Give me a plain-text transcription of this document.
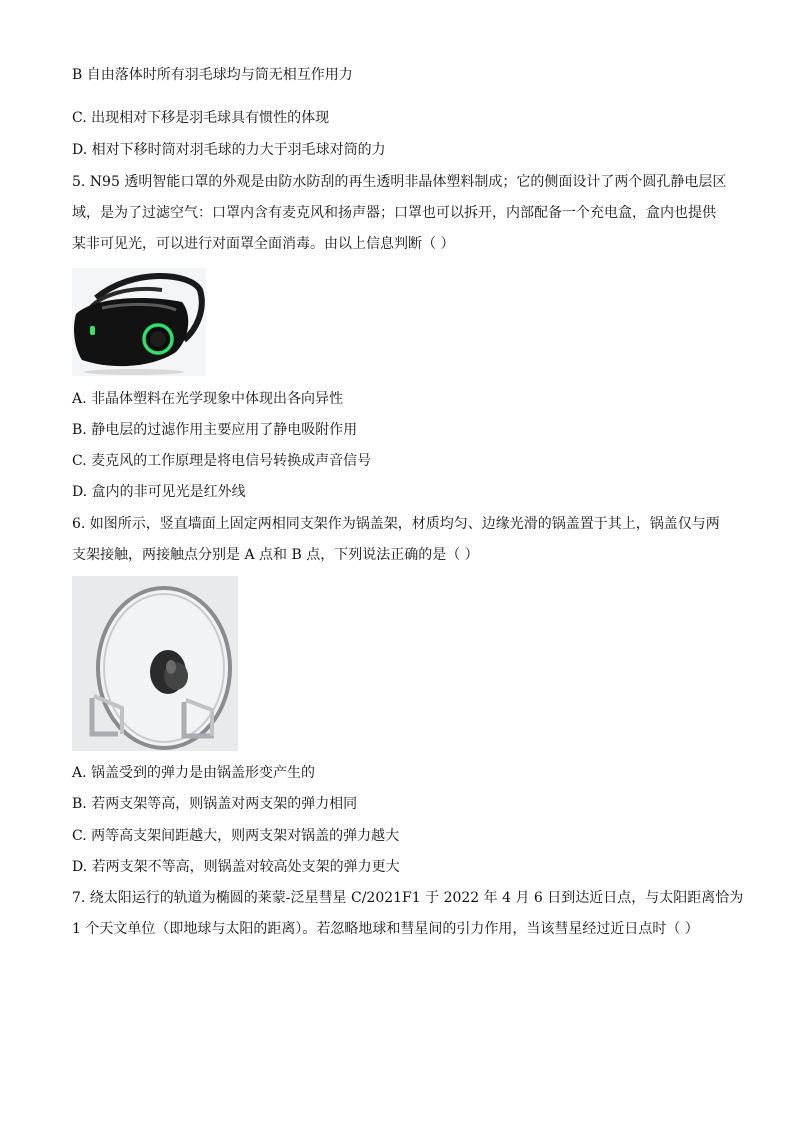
B 自由落体时所有羽毛球均与筒无相互作用力
C. 出现相对下移是羽毛球具有惯性的体现
D. 相对下移时筒对羽毛球的力大于羽毛球对筒的力
5. N95 透明智能口罩的外观是由防水防刮的再生透明非晶体塑料制成；它的侧面设计了两个圆孔静电层区
域，是为了过滤空气：口罩内含有麦克风和扬声器；口罩也可以拆开，内部配备一个充电盒，盒内也提供
某非可见光，可以进行对面罩全面消毒。由以上信息判断（ ）
A. 非晶体塑料在光学现象中体现出各向异性
B. 静电层的过滤作用主要应用了静电吸附作用
C. 麦克风的工作原理是将电信号转换成声音信号
D. 盒内的非可见光是红外线
6. 如图所示，竖直墙面上固定两相同支架作为锅盖架，材质均匀、边缘光滑的锅盖置于其上，锅盖仅与两
支架接触，两接触点分别是 A 点和 B 点，下列说法正确的是（ ）
A. 锅盖受到的弹力是由锅盖形变产生的
B. 若两支架等高，则锅盖对两支架的弹力相同
C. 两等高支架间距越大，则两支架对锅盖的弹力越大
D. 若两支架不等高，则锅盖对较高处支架的弹力更大
7. 绕太阳运行的轨道为椭圆的莱蒙-泛星彗星 C/2021F1 于 2022 年 4 月 6 日到达近日点，与太阳距离恰为
1 个天文单位（即地球与太阳的距离）。若忽略地球和彗星间的引力作用，当该彗星经过近日点时（ ）
